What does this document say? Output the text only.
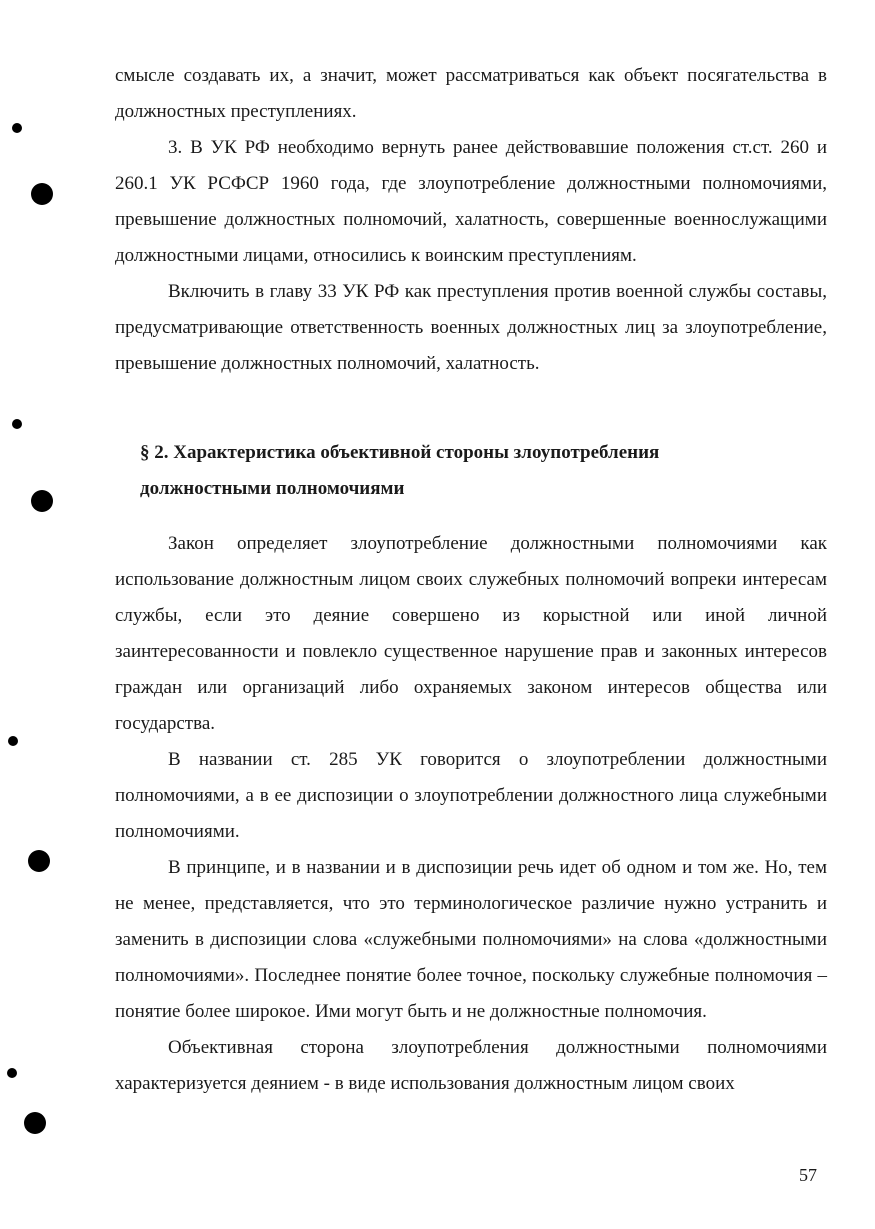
смысле создавать их, а значит, может рассматриваться как объект посягательства в должностных преступлениях.

3. В УК РФ необходимо вернуть ранее действовавшие положения ст.ст. 260 и 260.1 УК РСФСР 1960 года, где злоупотребление должностными полномочиями, превышение должностных полномочий, халатность, совершенные военнослужащими должностными лицами, относились к воинским преступлениям.

Включить в главу 33 УК РФ как преступления против военной службы составы, предусматривающие ответственность военных должностных лиц за злоупотребление, превышение должностных полномочий, халатность.

§ 2. Характеристика объективной стороны злоупотребления

должностными полномочиями

Закон определяет злоупотребление должностными полномочиями как использование должностным лицом своих служебных полномочий вопреки интересам службы, если это деяние совершено из корыстной или иной личной заинтересованности и повлекло существенное нарушение прав и законных интересов граждан или организаций либо охраняемых законом интересов общества или государства.

В названии ст. 285 УК говорится о злоупотреблении должностными полномочиями, а в ее диспозиции о злоупотреблении должностного лица служебными полномочиями.

В принципе, и в названии и в диспозиции речь идет об одном и том же. Но, тем не менее, представляется, что это терминологическое различие нужно устранить и заменить в диспозиции слова «служебными полномочиями» на слова «должностными полномочиями». Последнее понятие более точное, поскольку служебные полномочия – понятие более широкое. Ими могут быть и не должностные полномочия.

Объективная сторона злоупотребления должностными полномочиями характеризуется деянием - в виде использования должностным лицом своих

57
